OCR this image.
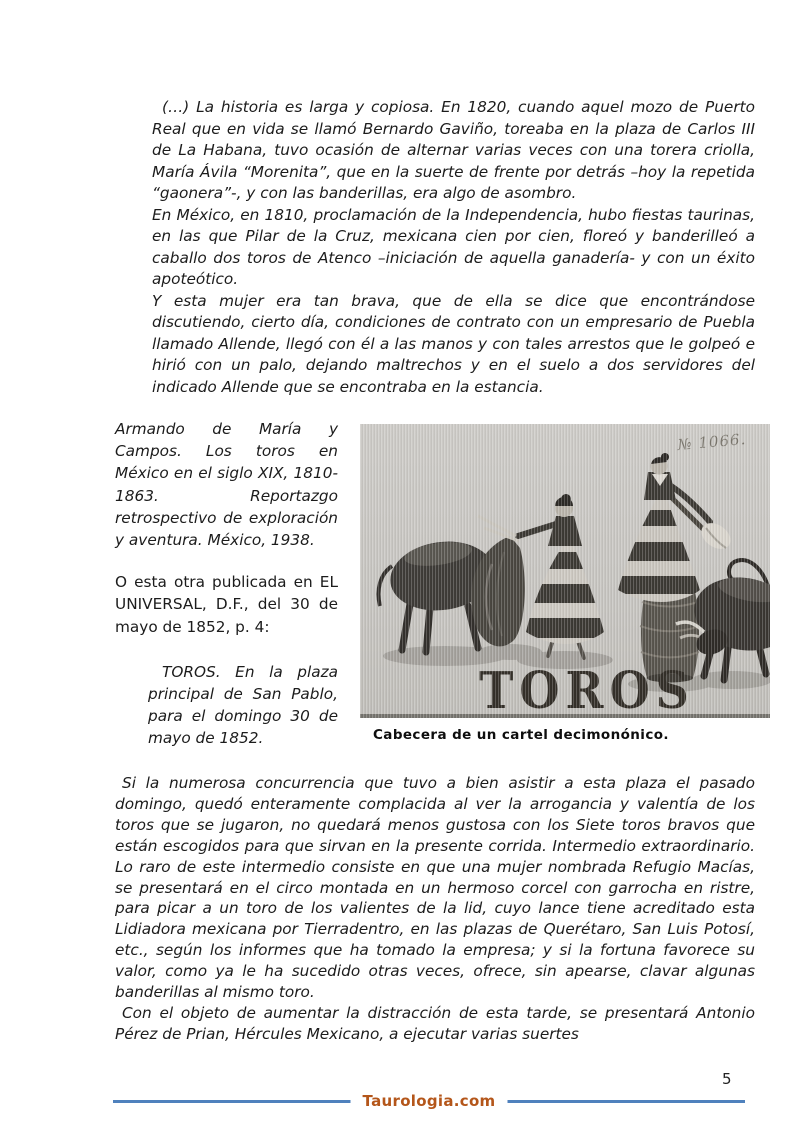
(…) La historia es larga y copiosa. En 1820, cuando aquel mozo de Puerto Real que en vida se llamó Bernardo Gaviño, toreaba en la plaza de Carlos III de La Habana, tuvo ocasión de alternar varias veces con una torera criolla, María Ávila “Morenita”, que en la suerte de frente por detrás –hoy la repetida “gaonera”-, y con las banderillas, era algo de asombro.

En México, en 1810, proclamación de la Independencia, hubo fiestas taurinas, en las que Pilar de la Cruz, mexicana cien por cien, floreó y banderilleó a caballo dos toros de Atenco –iniciación de aquella ganadería- y con un éxito apoteótico.

Y esta mujer era tan brava, que de ella se dice que encontrándose discutiendo, cierto día, condiciones de contrato con un empresario de Puebla llamado Allende, llegó con él a las manos y con tales arrestos que le golpeó e hirió con un palo, dejando maltrechos y en el suelo a dos servidores del indicado Allende que se encontraba en la estancia.

Armando de María y Campos. Los toros en México en el siglo XIX, 1810-1863. Reportazgo retrospectivo de exploración y aventura. México, 1938.

O esta otra publicada en EL UNIVERSAL, D.F., del 30 de mayo de 1852, p. 4:

TOROS. En la plaza principal de San Pablo, para el domingo 30 de mayo de 1852.	Cabecera de un cartel decimonónico.

Si la numerosa concurrencia que tuvo a bien asistir a esta plaza el pasado domingo, quedó enteramente complacida al ver la arrogancia y valentía de los toros que se jugaron, no quedará menos gustosa con los Siete toros bravos que están escogidos para que sirvan en la presente corrida. Intermedio extraordinario. Lo raro de este intermedio consiste en que una mujer nombrada Refugio Macías, se presentará en el circo montada en un hermoso corcel con garrocha en ristre, para picar a un toro de los valientes de la lid, cuyo lance tiene acreditado esta Lidiadora mexicana por Tierradentro, en las plazas de Querétaro, San Luis Potosí, etc., según los informes que ha tomado la empresa; y si la fortuna favorece su valor, como ya le ha sucedido otras veces, ofrece, sin apearse, clavar algunas banderillas al mismo toro.

Con el objeto de aumentar la distracción de esta tarde, se presentará Antonio Pérez de Prian, Hércules Mexicano, a ejecutar varias suertes

5
Taurologia.com
